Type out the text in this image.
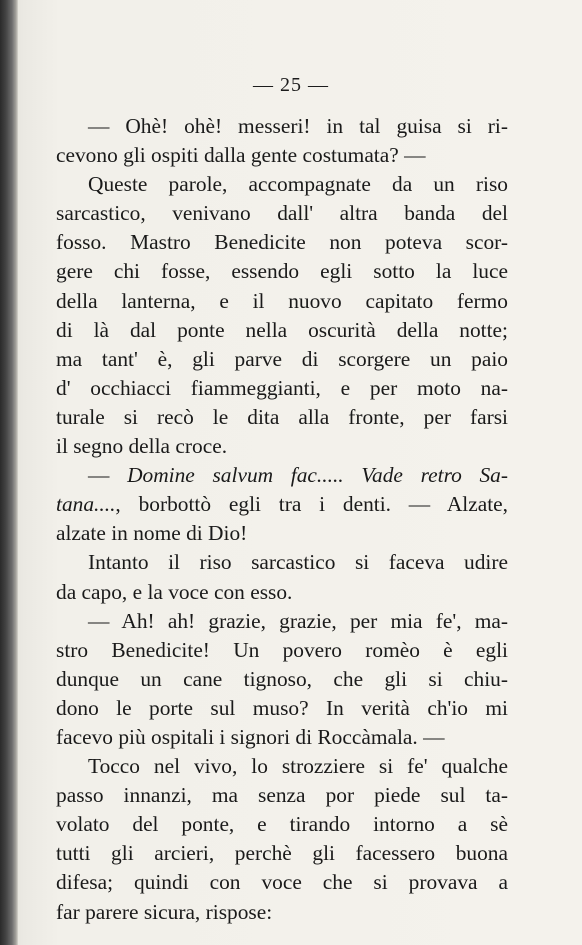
— 25 —
— Ohè! ohè! messeri! in tal guisa si ri-
cevono gli ospiti dalla gente costumata? —
Queste parole, accompagnate da un riso
sarcastico, venivano dall' altra banda del
fosso. Mastro Benedicite non poteva scor-
gere chi fosse, essendo egli sotto la luce
della lanterna, e il nuovo capitato fermo
di là dal ponte nella oscurità della notte;
ma tant' è, gli parve di scorgere un paio
d' occhiacci fiammeggianti, e per moto na-
turale si recò le dita alla fronte, per farsi
il segno della croce.
— Domine salvum fac..... Vade retro Sa-
tana...., borbottò egli tra i denti. — Alzate,
alzate in nome di Dio!
Intanto il riso sarcastico si faceva udire
da capo, e la voce con esso.
— Ah! ah! grazie, grazie, per mia fe', ma-
stro Benedicite! Un povero romèo è egli
dunque un cane tignoso, che gli si chiu-
dono le porte sul muso? In verità ch'io mi
facevo più ospitali i signori di Roccàmala. —
Tocco nel vivo, lo strozziere si fe' qualche
passo innanzi, ma senza por piede sul ta-
volato del ponte, e tirando intorno a sè
tutti gli arcieri, perchè gli facessero buona
difesa; quindi con voce che si provava a
far parere sicura, rispose:
